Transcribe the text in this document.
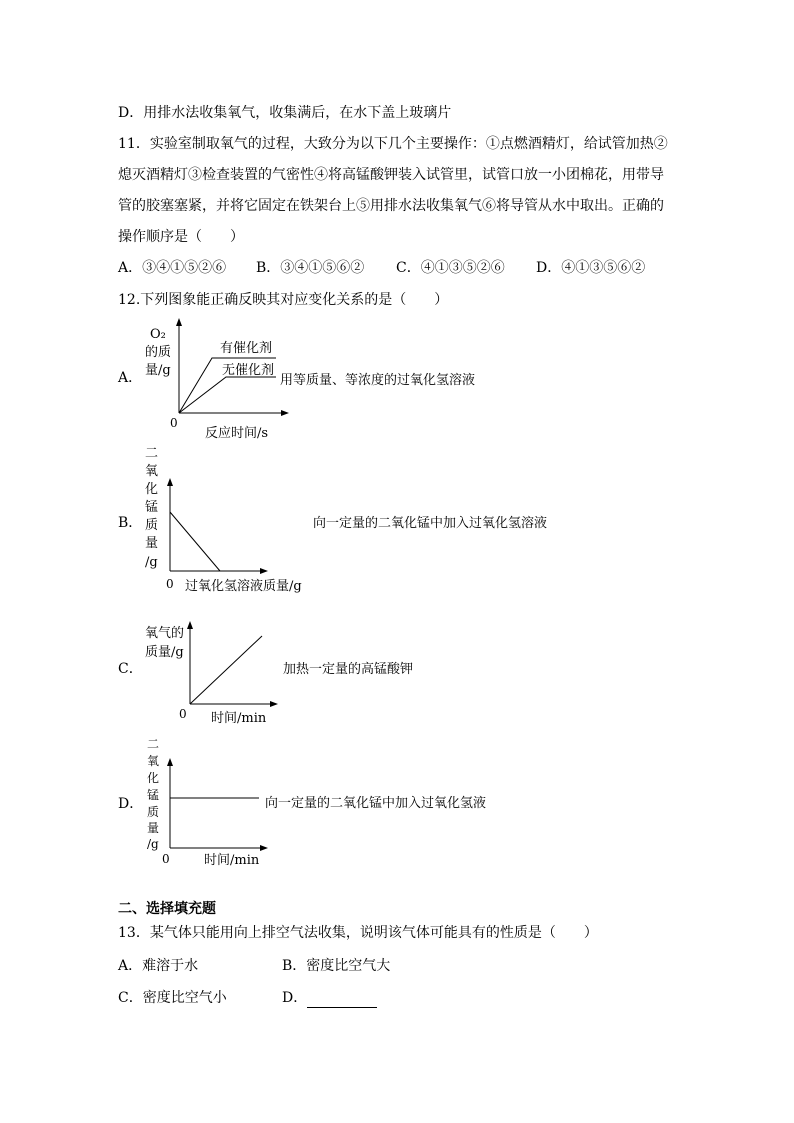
D．用排水法收集氧气，收集满后，在水下盖上玻璃片
11．实验室制取氧气的过程，大致分为以下几个主要操作：①点燃酒精灯，给试管加热②
熄灭酒精灯③检查装置的气密性④将高锰酸钾装入试管里，试管口放一小团棉花，用带导
管的胶塞塞紧，并将它固定在铁架台上⑤用排水法收集氧气⑥将导管从水中取出。正确的
操作顺序是（　　）
A．③④①⑤②⑥ B．③④①⑤⑥② C．④①③⑤②⑥ D．④①③⑤⑥②
12.下列图象能正确反映其对应变化关系的是（　　）
A．
O₂
的质
量/g
0
反应时间/s
有催化剂
无催化剂
用等质量、等浓度的过氧化氢溶液
B．
二
氧
化
锰
质
量
/g
0 过氧化氢溶液质量/g
向一定量的二氧化锰中加入过氧化氢溶液
C．
氧气的
质量/g
0 时间/min
加热一定量的高锰酸钾
D．
二
氧
化
锰
质
量
/g
0	时间/min
向一定量的二氧化锰中加入过氧化氢液
二、选择填充题
13．某气体只能用向上排空气法收集，说明该气体可能具有的性质是（　　）
A．难溶于水	B．密度比空气大
C．密度比空气小	D．
